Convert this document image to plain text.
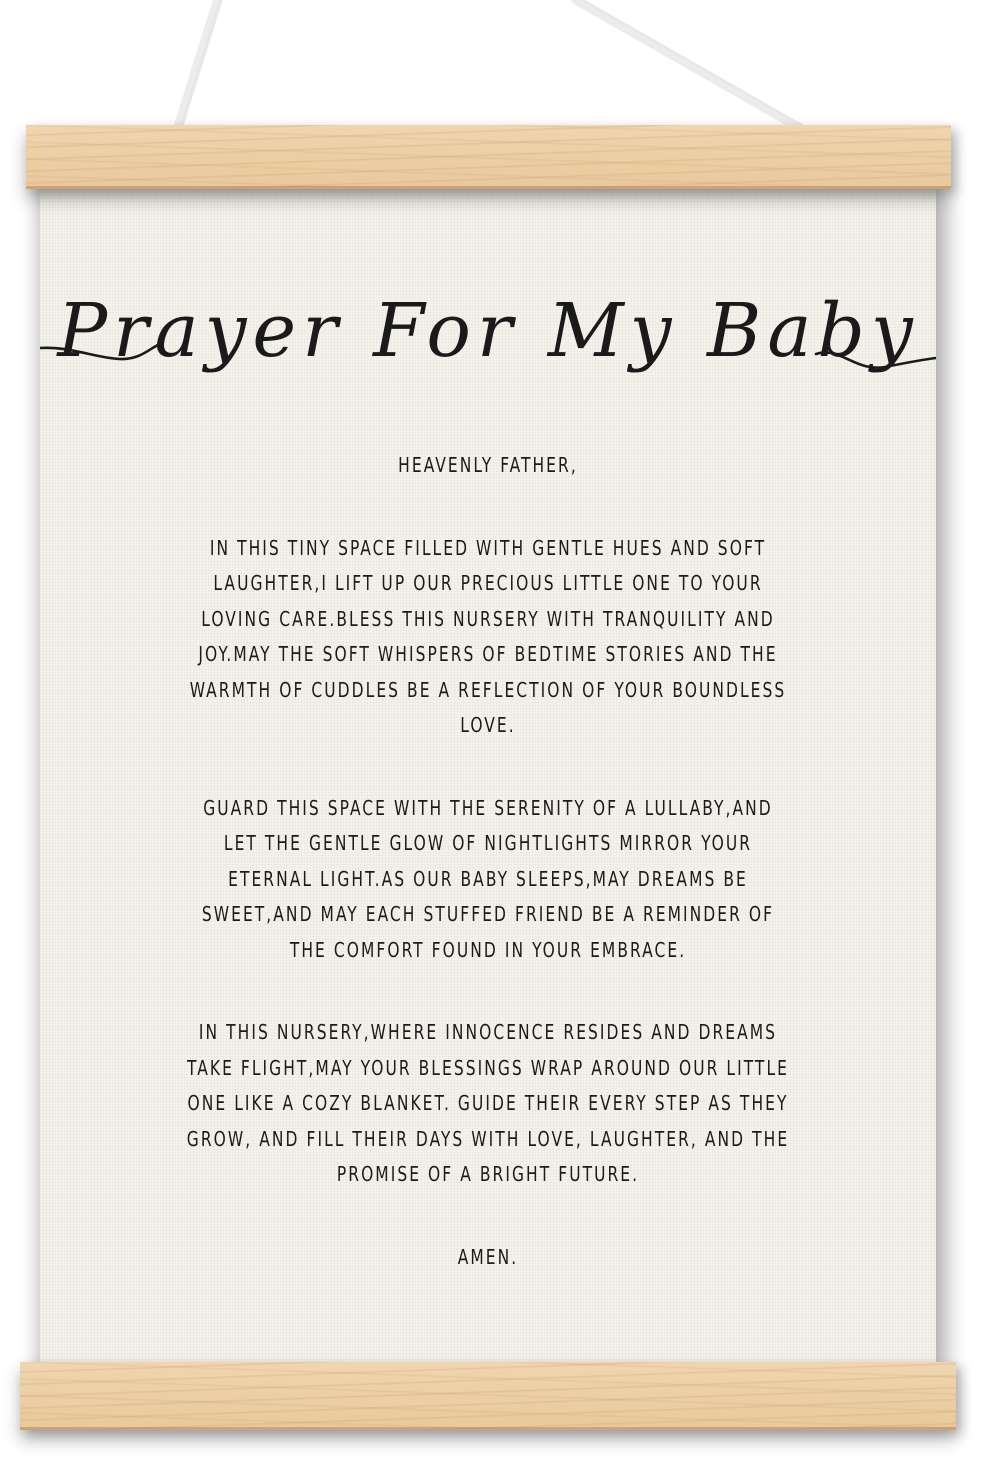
Prayer For My Baby

HEAVENLY FATHER,

IN THIS TINY SPACE FILLED WITH GENTLE HUES AND SOFT
LAUGHTER,I LIFT UP OUR PRECIOUS LITTLE ONE TO YOUR
LOVING CARE.BLESS THIS NURSERY WITH TRANQUILITY AND
JOY.MAY THE SOFT WHISPERS OF BEDTIME STORIES AND THE
WARMTH OF CUDDLES BE A REFLECTION OF YOUR BOUNDLESS
LOVE.

GUARD THIS SPACE WITH THE SERENITY OF A LULLABY,AND
LET THE GENTLE GLOW OF NIGHTLIGHTS MIRROR YOUR
ETERNAL LIGHT.AS OUR BABY SLEEPS,MAY DREAMS BE
SWEET,AND MAY EACH STUFFED FRIEND BE A REMINDER OF
THE COMFORT FOUND IN YOUR EMBRACE.

IN THIS NURSERY,WHERE INNOCENCE RESIDES AND DREAMS
TAKE FLIGHT,MAY YOUR BLESSINGS WRAP AROUND OUR LITTLE
ONE LIKE A COZY BLANKET. GUIDE THEIR EVERY STEP AS THEY
GROW, AND FILL THEIR DAYS WITH LOVE, LAUGHTER, AND THE
PROMISE OF A BRIGHT FUTURE.

AMEN.
